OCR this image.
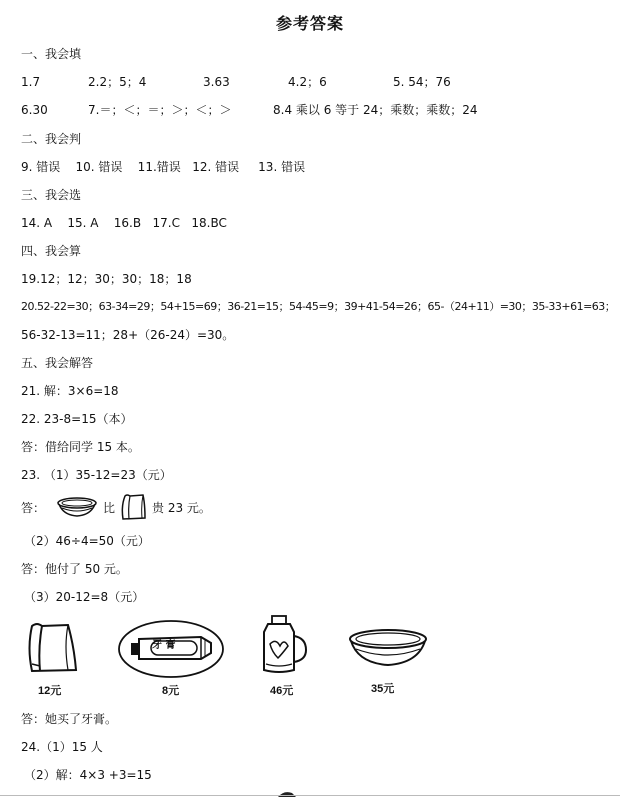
参考答案
一、我会填
1.7	2.2；5；4	3.63	4.2；6	5. 54；76
6.30	7.＝；＜；＝；＞；＜；＞	8.4 乘以 6 等于 24；乘数；乘数；24
二、我会判
9. 错误    10. 错误    11.错误   12. 错误     13. 错误
三、我会选
14. A    15. A    16.B   17.C   18.BC
四、我会算
19.12；12；30；30；18；18
20.52-22=30；63-34=29；54+15=69；36-21=15；54-45=9；39+41-54=26；65-（24+11）=30；35-33+61=63；
56-32-13=11；28+（26-24）=30。
五、我会解答
21. 解：3×6=18
22. 23-8=15（本）
答：借给同学 15 本。
23. （1）35-12=23（元）
答：	比	贵 23 元。
（2）46÷4=50（元）
答：他付了 50 元。
（3）20-12=8（元）
12元
牙 膏
8元	46元	35元
答：她买了牙膏。
24.（1）15 人
（2）解：4×3 +3=15
